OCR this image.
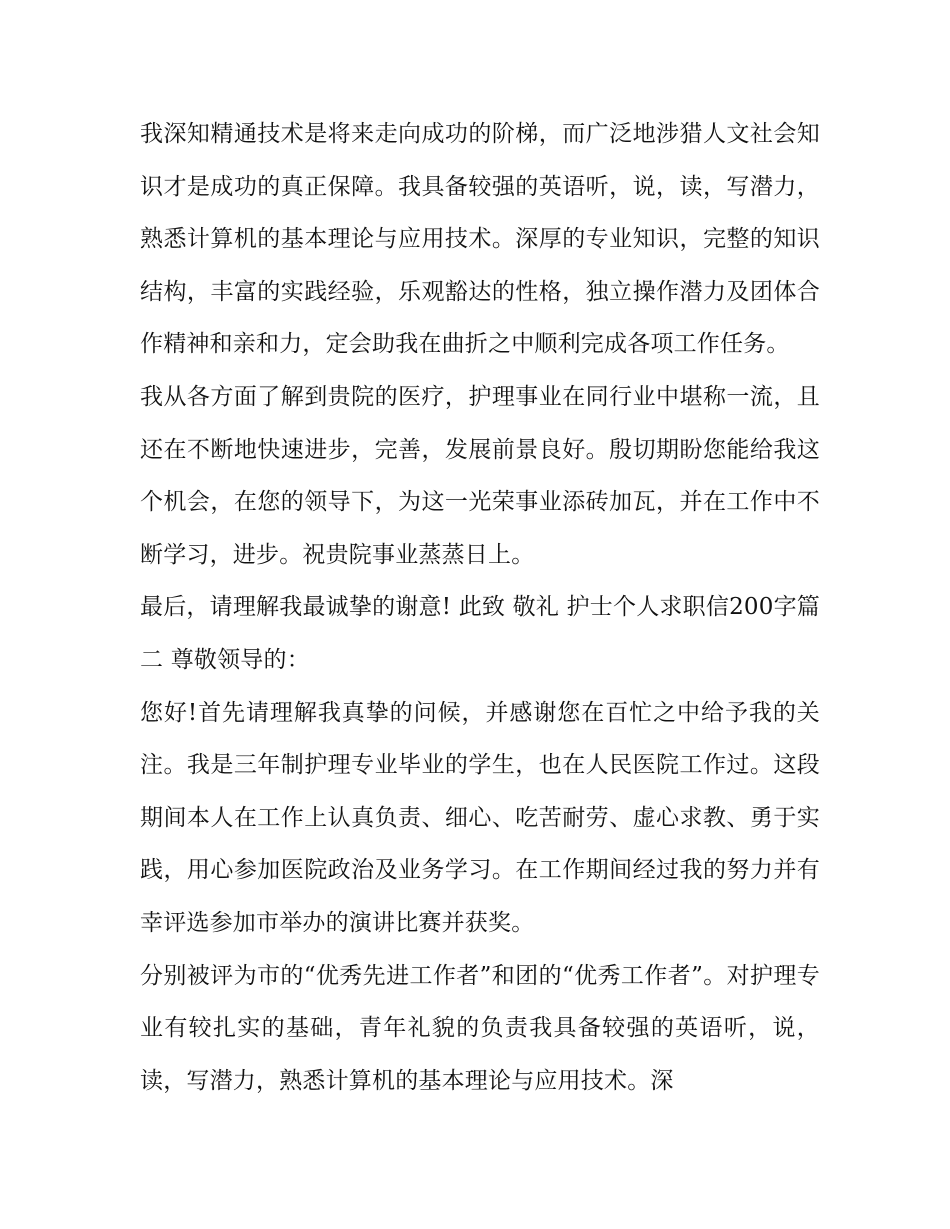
我深知精通技术是将来走向成功的阶梯，而广泛地涉猎人文社会知识才是成功的真正保障。我具备较强的英语听，说，读，写潜力，熟悉计算机的基本理论与应用技术。深厚的专业知识，完整的知识结构，丰富的实践经验，乐观豁达的性格，独立操作潜力及团体合作精神和亲和力，定会助我在曲折之中顺利完成各项工作任务。

我从各方面了解到贵院的医疗，护理事业在同行业中堪称一流，且还在不断地快速进步，完善，发展前景良好。殷切期盼您能给我这个机会，在您的领导下，为这一光荣事业添砖加瓦，并在工作中不断学习，进步。祝贵院事业蒸蒸日上。

最后，请理解我最诚挚的谢意! 此致 敬礼 护士个人求职信200字篇二 尊敬领导的：

您好!首先请理解我真挚的问候，并感谢您在百忙之中给予我的关注。我是三年制护理专业毕业的学生，也在人民医院工作过。这段期间本人在工作上认真负责、细心、吃苦耐劳、虚心求教、勇于实践，用心参加医院政治及业务学习。在工作期间经过我的努力并有幸评选参加市举办的演讲比赛并获奖。

分别被评为市的“优秀先进工作者”和团的“优秀工作者”。对护理专业有较扎实的基础，青年礼貌的负责我具备较强的英语听，说，读，写潜力，熟悉计算机的基本理论与应用技术。深
